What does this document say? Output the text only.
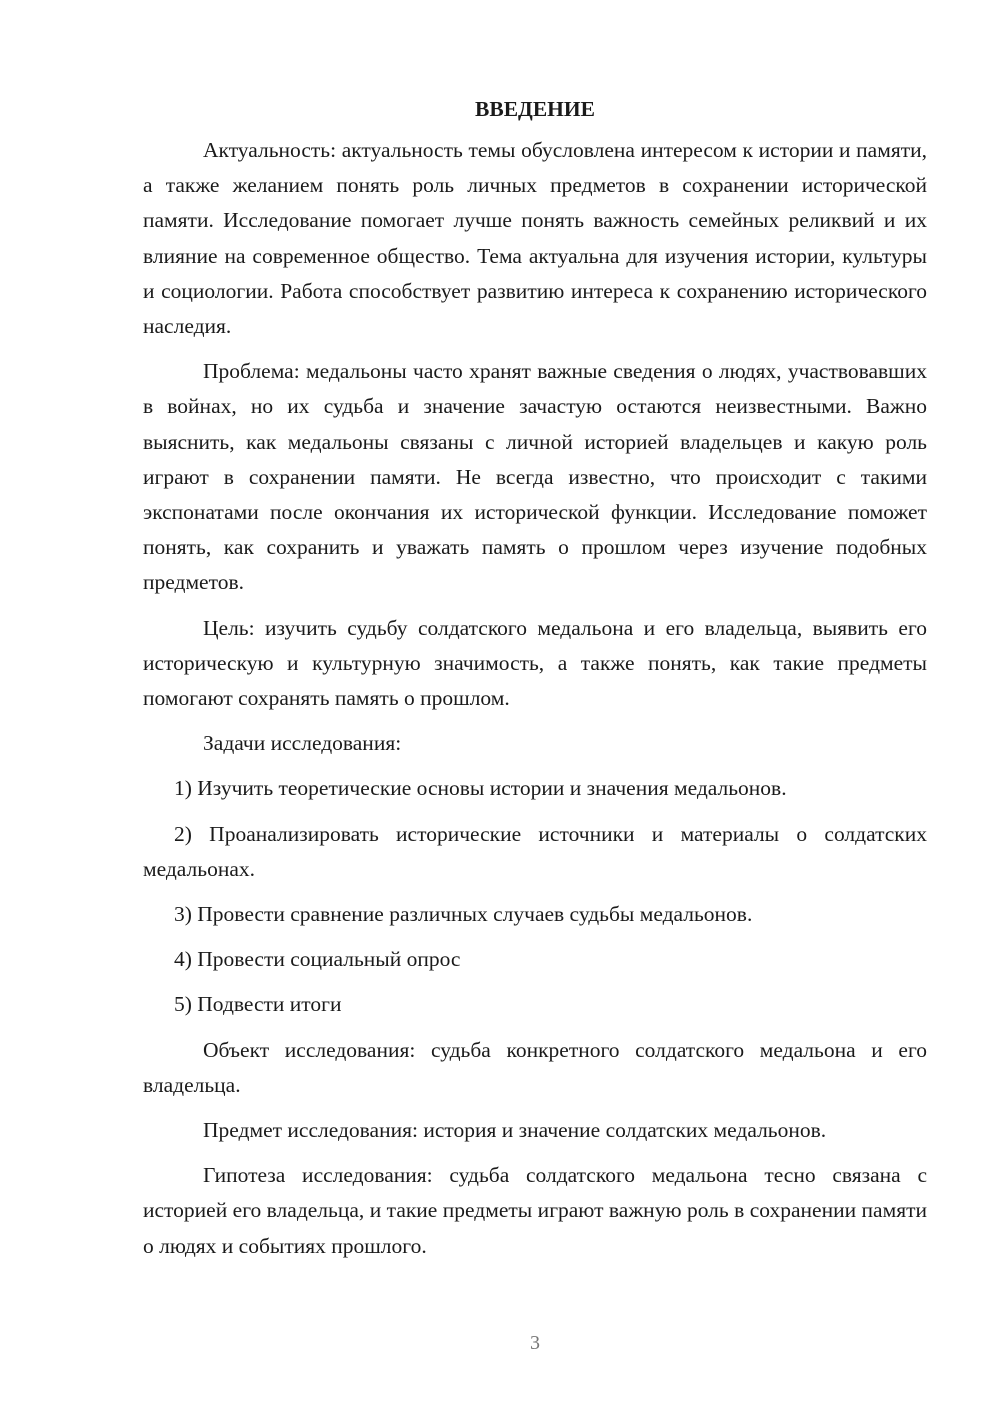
ВВЕДЕНИЕ

Актуальность: актуальность темы обусловлена интересом к истории и памяти, а также желанием понять роль личных предметов в сохранении исторической памяти. Исследование помогает лучше понять важность семейных реликвий и их влияние на современное общество. Тема актуальна для изучения истории, культуры и социологии. Работа способствует развитию интереса к сохранению исторического наследия.

Проблема: медальоны часто хранят важные сведения о людях, участвовавших в войнах, но их судьба и значение зачастую остаются неизвестными. Важно выяснить, как медальоны связаны с личной историей владельцев и какую роль играют в сохранении памяти. Не всегда известно, что происходит с такими экспонатами после окончания их исторической функции. Исследование поможет понять, как сохранить и уважать память о прошлом через изучение подобных предметов.

Цель: изучить судьбу солдатского медальона и его владельца, выявить его историческую и культурную значимость, а также понять, как такие предметы помогают сохранять память о прошлом.

Задачи исследования:

1) Изучить теоретические основы истории и значения медальонов.

2) Проанализировать исторические источники и материалы о солдатских медальонах.

3) Провести сравнение различных случаев судьбы медальонов.

4) Провести социальный опрос

5) Подвести итоги

Объект исследования: судьба конкретного солдатского медальона и его владельца.

Предмет исследования: история и значение солдатских медальонов.

Гипотеза исследования: судьба солдатского медальона тесно связана с историей его владельца, и такие предметы играют важную роль в сохранении памяти о людях и событиях прошлого.

3
